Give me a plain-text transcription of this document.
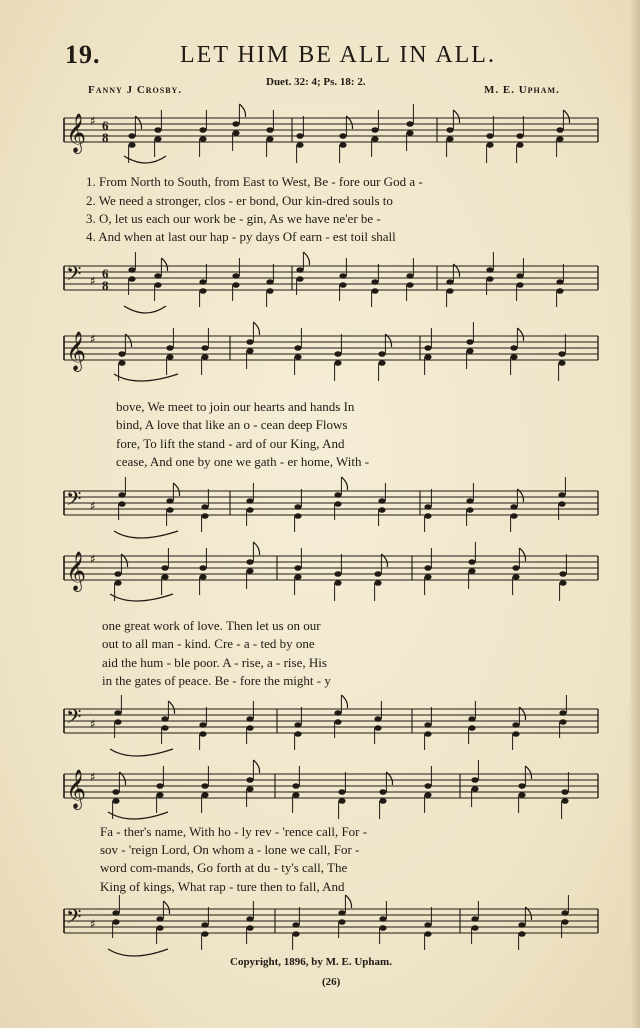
19.	LET HIM BE ALL IN ALL.
Fanny J Crosby.
Duet. 32: 4; Ps. 18: 2.
M. E. Upham.
𝄞 ♯ 6
8
𝄢 ♯ 6
8
𝄞 ♯
𝄢 ♯
𝄞 ♯
𝄢 ♯
𝄞 ♯
𝄢 ♯
1. From North to South, from East to West, Be - fore our God a -
2. We need a stronger, clos - er bond, Our kin-dred souls to
3. O, let us each our work be - gin, As we have ne'er be -
4. And when at last our hap - py days Of earn - est toil shall
bove, We meet to join our hearts and hands In
bind, A love that like an o - cean deep Flows
fore, To lift the stand - ard of our King, And
cease, And one by one we gath - er home, With -
one great work of love. Then let us on our
out to all man - kind. Cre - a - ted by one
aid the hum - ble poor. A - rise, a - rise, His
in the gates of peace. Be - fore the might - y
Fa - ther's name, With ho - ly rev - 'rence call, For -
sov - 'reign Lord, On whom a - lone we call, For -
word com-mands, Go forth at du - ty's call, The
King of kings, What rap - ture then to fall, And
Copyright, 1896, by M. E. Upham.
(26)
